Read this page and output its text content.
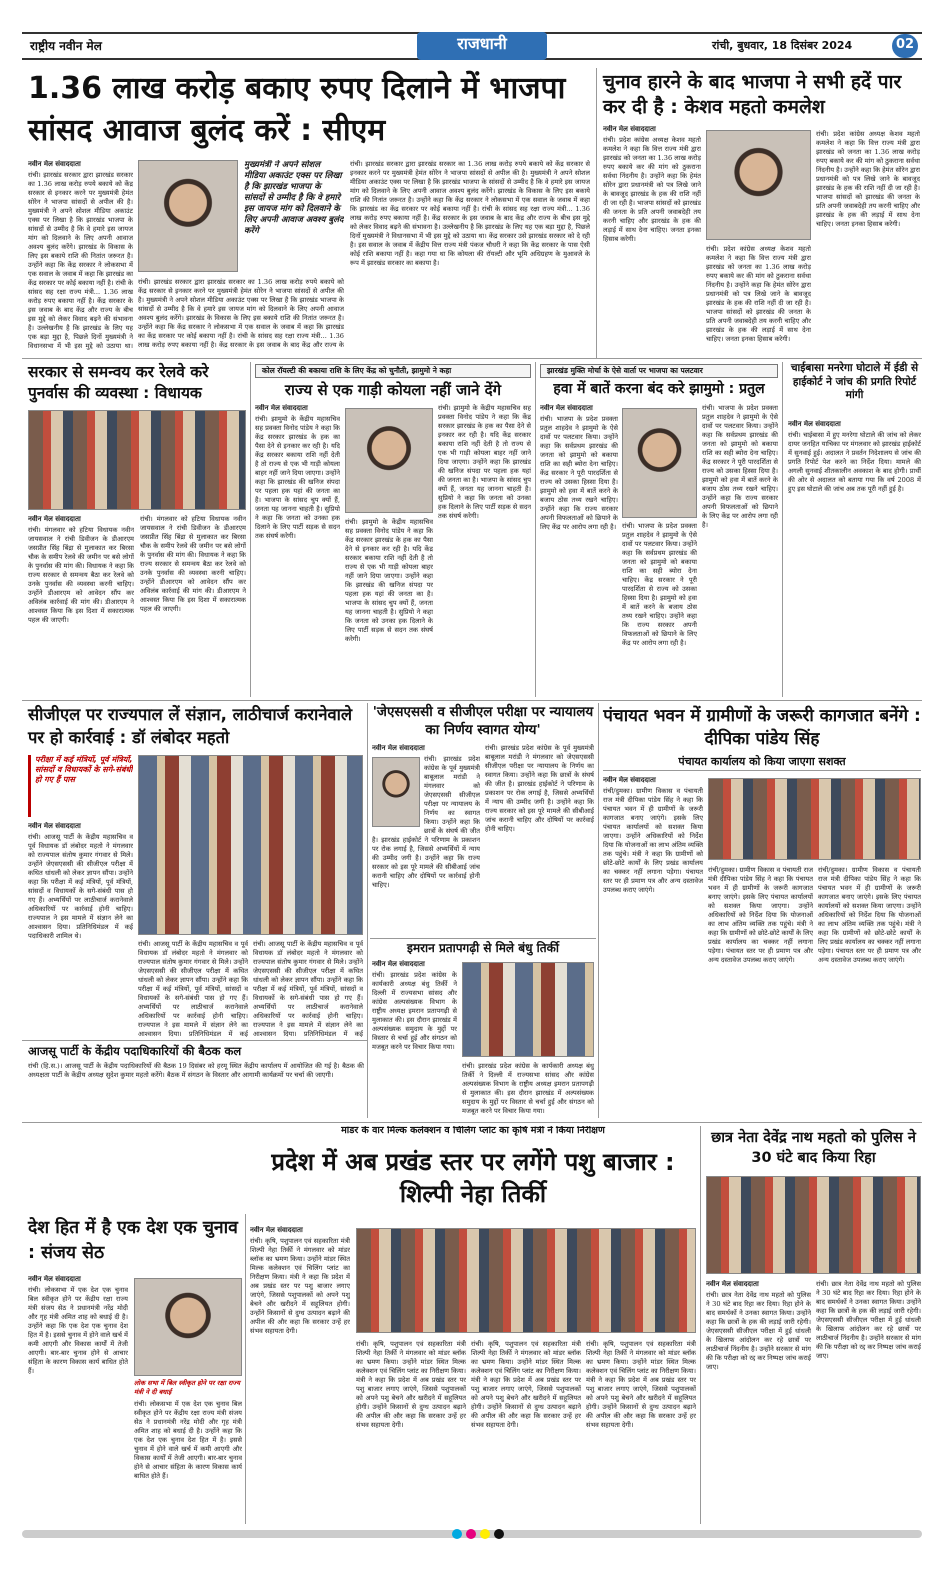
राष्ट्रीय नवीन मेल	राजधानी	रांची, बुधवार, 18 दिसंबर 2024	02
1.36 लाख करोड़ बकाए रुपए दिलाने में भाजपा सांसद आवाज बुलंद करें : सीएम
नवीन मेल संवाददाता
रांची। झारखंड सरकार द्वारा झारखंड सरकार का 1.36 लाख करोड़ रुपये बकाये को केंद्र सरकार से इनकार करने पर मुख्यमंत्री हेमंत सोरेन ने भाजपा सांसदों से अपील की है। मुख्यमंत्री ने अपने सोशल मीडिया अकाउंट एक्स पर लिखा है कि झारखंड भाजपा के सांसदों से उम्मीद है कि वे हमारे इस जायज मांग को दिलवाने के लिए अपनी आवाज अवश्य बुलंद करेंगे। झारखंड के विकास के लिए इस बकाये राशि की नितांत जरूरत है। उन्होंने कहा कि केंद्र सरकार ने लोकसभा में एक सवाल के जवाब में कहा कि झारखंड का केंद्र सरकार पर कोई बकाया नहीं है। रांची के सांसद सह रक्षा राज्य मंत्री... 1.36 लाख करोड़ रुपए बकाया नहीं है। केंद्र सरकार के इस जवाब के बाद केंद्र और राज्य के बीच इस मुद्दे को लेकर विवाद बढ़ने की संभावना है। उल्लेखनीय है कि झारखंड के लिए यह एक बड़ा मुद्दा है, पिछले दिनों मुख्यमंत्री ने विधानसभा में भी इस मुद्दे को उठाया था।
मुख्यमंत्री ने अपने सोशल मीडिया अकाउंट एक्स पर लिखा है कि झारखंड भाजपा के सांसदों से उम्मीद है कि वे हमारे इस जायज मांग को दिलवाने के लिए अपनी आवाज अवश्य बुलंद करेंगे
रांची। झारखंड सरकार द्वारा झारखंड सरकार का 1.36 लाख करोड़ रुपये बकाये को केंद्र सरकार से इनकार करने पर मुख्यमंत्री हेमंत सोरेन ने भाजपा सांसदों से अपील की है। मुख्यमंत्री ने अपने सोशल मीडिया अकाउंट एक्स पर लिखा है कि झारखंड भाजपा के सांसदों से उम्मीद है कि वे हमारे इस जायज मांग को दिलवाने के लिए अपनी आवाज अवश्य बुलंद करेंगे। झारखंड के विकास के लिए इस बकाये राशि की नितांत जरूरत है। उन्होंने कहा कि केंद्र सरकार ने लोकसभा में एक सवाल के जवाब में कहा कि झारखंड का केंद्र सरकार पर कोई बकाया नहीं है। रांची के सांसद सह रक्षा राज्य मंत्री... 1.36 लाख करोड़ रुपए बकाया नहीं है। केंद्र सरकार के इस जवाब के बाद केंद्र और राज्य के
रांची। झारखंड सरकार द्वारा झारखंड सरकार का 1.36 लाख करोड़ रुपये बकाये को केंद्र सरकार से इनकार करने पर मुख्यमंत्री हेमंत सोरेन ने भाजपा सांसदों से अपील की है। मुख्यमंत्री ने अपने सोशल मीडिया अकाउंट एक्स पर लिखा है कि झारखंड भाजपा के सांसदों से उम्मीद है कि वे हमारे इस जायज मांग को दिलवाने के लिए अपनी आवाज अवश्य बुलंद करेंगे। झारखंड के विकास के लिए इस बकाये राशि की नितांत जरूरत है। उन्होंने कहा कि केंद्र सरकार ने लोकसभा में एक सवाल के जवाब में कहा कि झारखंड का केंद्र सरकार पर कोई बकाया नहीं है। रांची के सांसद सह रक्षा राज्य मंत्री... 1.36 लाख करोड़ रुपए बकाया नहीं है। केंद्र सरकार के इस जवाब के बाद केंद्र और राज्य के बीच इस मुद्दे को लेकर विवाद बढ़ने की संभावना है। उल्लेखनीय है कि झारखंड के लिए यह एक बड़ा मुद्दा है, पिछले दिनों मुख्यमंत्री ने विधानसभा में भी इस मुद्दे को उठाया था। केंद्र सरकार उसे झारखंड सरकार को दे रही है। इस सवाल के जवाब में केंद्रीय वित्त राज्य मंत्री पंकज चौधरी ने कहा कि केंद्र सरकार के पास ऐसी कोई राशि बकाया नहीं है। कहा गया था कि कोयला की रॉयल्टी और भूमि अधिग्रहण के मुआवजे के रूप में झारखंड सरकार का बकाया है।
चुनाव हारने के बाद भाजपा ने सभी हदें पार कर दी है : केशव महतो कमलेश
नवीन मेल संवाददाता
रांची। प्रदेश कांग्रेस अध्यक्ष केशव महतो कमलेश ने कहा कि वित्त राज्य मंत्री द्वारा झारखंड को जनता का 1.36 लाख करोड़ रुपए बकाये कर की मांग को ठुकराना सर्वथा निंदनीय है। उन्होंने कहा कि हेमंत सोरेन द्वारा प्रधानमंत्री को पत्र लिखे जाने के बावजूद झारखंड के हक की राशि नहीं दी जा रही है। भाजपा सांसदों को झारखंड की जनता के प्रति अपनी जवाबदेही तय करनी चाहिए और झारखंड के हक की लड़ाई में साथ देना चाहिए। जनता इनका हिसाब करेगी।
रांची। प्रदेश कांग्रेस अध्यक्ष केशव महतो कमलेश ने कहा कि वित्त राज्य मंत्री द्वारा झारखंड को जनता का 1.36 लाख करोड़ रुपए बकाये कर की मांग को ठुकराना सर्वथा निंदनीय है। उन्होंने कहा कि हेमंत सोरेन द्वारा प्रधानमंत्री को पत्र लिखे जाने के बावजूद झारखंड के हक की राशि नहीं दी जा रही है। भाजपा सांसदों को झारखंड की जनता के प्रति अपनी जवाबदेही तय करनी चाहिए और झारखंड के हक की लड़ाई में साथ देना चाहिए। जनता इनका हिसाब करेगी।
रांची। प्रदेश कांग्रेस अध्यक्ष केशव महतो कमलेश ने कहा कि वित्त राज्य मंत्री द्वारा झारखंड को जनता का 1.36 लाख करोड़ रुपए बकाये कर की मांग को ठुकराना सर्वथा निंदनीय है। उन्होंने कहा कि हेमंत सोरेन द्वारा प्रधानमंत्री को पत्र लिखे जाने के बावजूद झारखंड के हक की राशि नहीं दी जा रही है। भाजपा सांसदों को झारखंड की जनता के प्रति अपनी जवाबदेही तय करनी चाहिए और झारखंड के हक की लड़ाई में साथ देना चाहिए। जनता इनका हिसाब करेगी।
सरकार से समन्वय कर रेलवे करे पुनर्वास की व्यवस्था : विधायक
नवीन मेल संवाददाता
रांची। मंगलवार को हटिया विधायक नवीन जायसवाल ने रांची डिवीजन के डीआरएम जसप्रीत सिंह बिंद्रा से मुलाकात कर बिरसा चौक के समीप रेलवे की जमीन पर बसे लोगों के पुनर्वास की मांग की। विधायक ने कहा कि राज्य सरकार से समन्वय बैठा कर रेलवे को उनके पुनर्वास की व्यवस्था करनी चाहिए। उन्होंने डीआरएम को आवेदन सौंप कर अविलंब कार्रवाई की मांग की। डीआरएम ने आश्वस्त किया कि इस दिशा में सकारात्मक पहल की जाएगी।
रांची। मंगलवार को हटिया विधायक नवीन जायसवाल ने रांची डिवीजन के डीआरएम जसप्रीत सिंह बिंद्रा से मुलाकात कर बिरसा चौक के समीप रेलवे की जमीन पर बसे लोगों के पुनर्वास की मांग की। विधायक ने कहा कि राज्य सरकार से समन्वय बैठा कर रेलवे को उनके पुनर्वास की व्यवस्था करनी चाहिए। उन्होंने डीआरएम को आवेदन सौंप कर अविलंब कार्रवाई की मांग की। डीआरएम ने आश्वस्त किया कि इस दिशा में सकारात्मक पहल की जाएगी।
कोल रॉयल्टी की बकाया राशि के लिए केंद्र को चुनौती, झामुमो ने कहा
राज्य से एक गाड़ी कोयला नहीं जाने देंगे
नवीन मेल संवाददाता
रांची। झामुमो के केंद्रीय महासचिव सह प्रवक्ता विनोद पांडेय ने कहा कि केंद्र सरकार झारखंड के हक का पैसा देने से इनकार कर रही है। यदि केंद्र सरकार बकाया राशि नहीं देती है तो राज्य से एक भी गाड़ी कोयला बाहर नहीं जाने दिया जाएगा। उन्होंने कहा कि झारखंड की खनिज संपदा पर पहला हक यहां की जनता का है। भाजपा के सांसद चुप क्यों हैं, जनता यह जानना चाहती है। सुप्रियो ने कहा कि जनता को उनका हक दिलाने के लिए पार्टी सड़क से सदन तक संघर्ष करेगी।
रांची। झामुमो के केंद्रीय महासचिव सह प्रवक्ता विनोद पांडेय ने कहा कि केंद्र सरकार झारखंड के हक का पैसा देने से इनकार कर रही है। यदि केंद्र सरकार बकाया राशि नहीं देती है तो राज्य से एक भी गाड़ी कोयला बाहर नहीं जाने दिया जाएगा। उन्होंने कहा कि झारखंड की खनिज संपदा पर पहला हक यहां की जनता का है। भाजपा के सांसद चुप क्यों हैं, जनता यह जानना चाहती है। सुप्रियो ने कहा कि जनता को उनका हक दिलाने के लिए पार्टी सड़क से सदन तक संघर्ष करेगी।
रांची। झामुमो के केंद्रीय महासचिव सह प्रवक्ता विनोद पांडेय ने कहा कि केंद्र सरकार झारखंड के हक का पैसा देने से इनकार कर रही है। यदि केंद्र सरकार बकाया राशि नहीं देती है तो राज्य से एक भी गाड़ी कोयला बाहर नहीं जाने दिया जाएगा। उन्होंने कहा कि झारखंड की खनिज संपदा पर पहला हक यहां की जनता का है। भाजपा के सांसद चुप क्यों हैं, जनता यह जानना चाहती है। सुप्रियो ने कहा कि जनता को उनका हक दिलाने के लिए पार्टी सड़क से सदन तक संघर्ष करेगी।
झारखंड मुक्ति मोर्चा के ऐसे वार्ता पर भाजपा का पलटवार
हवा में बातें करना बंद करे झामुमो : प्रतुल
नवीन मेल संवाददाता
रांची। भाजपा के प्रदेश प्रवक्ता प्रतुल शाहदेव ने झामुमो के ऐसे दावों पर पलटवार किया। उन्होंने कहा कि सर्वप्रथम झारखंड की जनता को झामुमो को बकाया राशि का सही ब्योरा देना चाहिए। केंद्र सरकार ने पूरी पारदर्शिता से राज्य को उसका हिस्सा दिया है। झामुमो को हवा में बातें करने के बजाय ठोस तथ्य रखने चाहिए। उन्होंने कहा कि राज्य सरकार अपनी विफलताओं को छिपाने के लिए केंद्र पर आरोप लगा रही है। रांची। भाजपा के प्रदेश प्रवक्ता प्रतुल शाहदेव ने झामुमो के ऐसे दावों पर पलटवार किया। उन्होंने कहा कि सर्वप्रथम झारखंड की जनता को झामुमो को बकाया राशि का सही ब्योरा देना चाहिए। केंद्र सरकार ने पूरी पारदर्शिता से राज्य को उसका हिस्सा दिया है। झामुमो को हवा में बातें करने के बजाय ठोस तथ्य रखने चाहिए। उन्होंने कहा कि राज्य सरकार अपनी विफलताओं को छिपाने के लिए केंद्र पर आरोप लगा रही है।
रांची। भाजपा के प्रदेश प्रवक्ता प्रतुल शाहदेव ने झामुमो के ऐसे दावों पर पलटवार किया। उन्होंने कहा कि सर्वप्रथम झारखंड की जनता को झामुमो को बकाया राशि का सही ब्योरा देना चाहिए। केंद्र सरकार ने पूरी पारदर्शिता से राज्य को उसका हिस्सा दिया है। झामुमो को हवा में बातें करने के बजाय ठोस तथ्य रखने चाहिए। उन्होंने कहा कि राज्य सरकार अपनी विफलताओं को छिपाने के लिए केंद्र पर आरोप लगा रही है।
चाईबासा मनरेगा घोटाले में ईडी से हाईकोर्ट ने जांच की प्रगति रिपोर्ट मांगी
नवीन मेल संवाददाता
रांची। चाईबासा में हुए मनरेगा घोटाले की जांच को लेकर दायर जनहित याचिका पर मंगलवार को झारखंड हाईकोर्ट में सुनवाई हुई। अदालत ने प्रवर्तन निदेशालय से जांच की प्रगति रिपोर्ट पेश करने का निर्देश दिया। मामले की अगली सुनवाई शीतकालीन अवकाश के बाद होगी। प्रार्थी की ओर से अदालत को बताया गया कि वर्ष 2008 में हुए इस घोटाले की जांच अब तक पूरी नहीं हुई है।
सीजीएल पर राज्यपाल लें संज्ञान, लाठीचार्ज करानेवाले पर हो कार्रवाई : डॉ लंबोदर महतो
परीक्षा में कई मंत्रियों, पूर्व मंत्रियों, सांसदों व विधायकों के सगे-संबंधी हो गए हैं पास
नवीन मेल संवाददाता
रांची। आजसू पार्टी के केंद्रीय महासचिव व पूर्व विधायक डॉ लंबोदर महतो ने मंगलवार को राज्यपाल संतोष कुमार गंगवार से मिले। उन्होंने जेएसएससी की सीजीएल परीक्षा में कथित धांधली को लेकर ज्ञापन सौंपा। उन्होंने कहा कि परीक्षा में कई मंत्रियों, पूर्व मंत्रियों, सांसदों व विधायकों के सगे-संबंधी पास हो गए हैं। अभ्यर्थियों पर लाठीचार्ज करानेवाले अधिकारियों पर कार्रवाई होनी चाहिए। राज्यपाल ने इस मामले में संज्ञान लेने का आश्वासन दिया। प्रतिनिधिमंडल में कई पदाधिकारी शामिल थे।
रांची। आजसू पार्टी के केंद्रीय महासचिव व पूर्व विधायक डॉ लंबोदर महतो ने मंगलवार को राज्यपाल संतोष कुमार गंगवार से मिले। उन्होंने जेएसएससी की सीजीएल परीक्षा में कथित धांधली को लेकर ज्ञापन सौंपा। उन्होंने कहा कि परीक्षा में कई मंत्रियों, पूर्व मंत्रियों, सांसदों व विधायकों के सगे-संबंधी पास हो गए हैं। अभ्यर्थियों पर लाठीचार्ज करानेवाले अधिकारियों पर कार्रवाई होनी चाहिए। राज्यपाल ने इस मामले में संज्ञान लेने का आश्वासन दिया। प्रतिनिधिमंडल में कई
रांची। आजसू पार्टी के केंद्रीय महासचिव व पूर्व विधायक डॉ लंबोदर महतो ने मंगलवार को राज्यपाल संतोष कुमार गंगवार से मिले। उन्होंने जेएसएससी की सीजीएल परीक्षा में कथित धांधली को लेकर ज्ञापन सौंपा। उन्होंने कहा कि परीक्षा में कई मंत्रियों, पूर्व मंत्रियों, सांसदों व विधायकों के सगे-संबंधी पास हो गए हैं। अभ्यर्थियों पर लाठीचार्ज करानेवाले अधिकारियों पर कार्रवाई होनी चाहिए। राज्यपाल ने इस मामले में संज्ञान लेने का आश्वासन दिया। प्रतिनिधिमंडल में कई
आजसू पार्टी के केंद्रीय पदाधिकारियों की बैठक कल
रांची (हि.स.)। आजसू पार्टी के केंद्रीय पदाधिकारियों की बैठक 19 दिसंबर को हरमू स्थित केंद्रीय कार्यालय में आयोजित की गई है। बैठक की अध्यक्षता पार्टी के केंद्रीय अध्यक्ष सुदेश कुमार महतो करेंगे। बैठक में संगठन के विस्तार और आगामी कार्यक्रमों पर चर्चा की जाएगी।
'जेएसएससी व सीजीएल परीक्षा पर न्यायालय का निर्णय स्वागत योग्य'
नवीन मेल संवाददाता
रांची। झारखंड प्रदेश कांग्रेस के पूर्व मुख्यमंत्री बाबूलाल मरांडी ने मंगलवार को जेएसएससी सीजीएल परीक्षा पर न्यायालय के निर्णय का स्वागत किया। उन्होंने कहा कि छात्रों के संघर्ष की जीत है। झारखंड हाईकोर्ट ने परिणाम के प्रकाशन पर रोक लगाई है, जिससे अभ्यर्थियों में न्याय की उम्मीद जगी है। उन्होंने कहा कि राज्य सरकार को इस पूरे मामले की सीबीआई जांच करानी चाहिए और दोषियों पर कार्रवाई होनी चाहिए।
रांची। झारखंड प्रदेश कांग्रेस के पूर्व मुख्यमंत्री बाबूलाल मरांडी ने मंगलवार को जेएसएससी सीजीएल परीक्षा पर न्यायालय के निर्णय का स्वागत किया। उन्होंने कहा कि छात्रों के संघर्ष की जीत है। झारखंड हाईकोर्ट ने परिणाम के प्रकाशन पर रोक लगाई है, जिससे अभ्यर्थियों में न्याय की उम्मीद जगी है। उन्होंने कहा कि राज्य सरकार को इस पूरे मामले की सीबीआई जांच करानी चाहिए और दोषियों पर कार्रवाई होनी चाहिए।
इमरान प्रतापगढ़ी से मिले बंधु तिर्की
नवीन मेल संवाददाता
रांची। झारखंड प्रदेश कांग्रेस के कार्यकारी अध्यक्ष बंधु तिर्की ने दिल्ली में राज्यसभा सांसद और कांग्रेस अल्पसंख्यक विभाग के राष्ट्रीय अध्यक्ष इमरान प्रतापगढ़ी से मुलाकात की। इस दौरान झारखंड में अल्पसंख्यक समुदाय के मुद्दों पर विस्तार से चर्चा हुई और संगठन को मजबूत करने पर विचार किया गया।
रांची। झारखंड प्रदेश कांग्रेस के कार्यकारी अध्यक्ष बंधु तिर्की ने दिल्ली में राज्यसभा सांसद और कांग्रेस अल्पसंख्यक विभाग के राष्ट्रीय अध्यक्ष इमरान प्रतापगढ़ी से मुलाकात की। इस दौरान झारखंड में अल्पसंख्यक समुदाय के मुद्दों पर विस्तार से चर्चा हुई और संगठन को मजबूत करने पर विचार किया गया।
पंचायत भवन में ग्रामीणों के जरूरी कागजात बनेंगे : दीपिका पांडेय सिंह
पंचायत कार्यालय को किया जाएगा सशक्त
नवीन मेल संवाददाता
रांची/दुमका। ग्रामीण विकास व पंचायती राज मंत्री दीपिका पांडेय सिंह ने कहा कि पंचायत भवन में ही ग्रामीणों के जरूरी कागजात बनाए जाएंगे। इसके लिए पंचायत कार्यालयों को सशक्त किया जाएगा। उन्होंने अधिकारियों को निर्देश दिया कि योजनाओं का लाभ अंतिम व्यक्ति तक पहुंचे। मंत्री ने कहा कि ग्रामीणों को छोटे-छोटे कार्यों के लिए प्रखंड कार्यालय का चक्कर नहीं लगाना पड़ेगा। पंचायत स्तर पर ही प्रमाण पत्र और अन्य दस्तावेज उपलब्ध कराए जाएंगे।
रांची/दुमका। ग्रामीण विकास व पंचायती राज मंत्री दीपिका पांडेय सिंह ने कहा कि पंचायत भवन में ही ग्रामीणों के जरूरी कागजात बनाए जाएंगे। इसके लिए पंचायत कार्यालयों को सशक्त किया जाएगा। उन्होंने अधिकारियों को निर्देश दिया कि योजनाओं का लाभ अंतिम व्यक्ति तक पहुंचे। मंत्री ने कहा कि ग्रामीणों को छोटे-छोटे कार्यों के लिए प्रखंड कार्यालय का चक्कर नहीं लगाना पड़ेगा। पंचायत स्तर पर ही प्रमाण पत्र और अन्य दस्तावेज उपलब्ध कराए जाएंगे।
रांची/दुमका। ग्रामीण विकास व पंचायती राज मंत्री दीपिका पांडेय सिंह ने कहा कि पंचायत भवन में ही ग्रामीणों के जरूरी कागजात बनाए जाएंगे। इसके लिए पंचायत कार्यालयों को सशक्त किया जाएगा। उन्होंने अधिकारियों को निर्देश दिया कि योजनाओं का लाभ अंतिम व्यक्ति तक पहुंचे। मंत्री ने कहा कि ग्रामीणों को छोटे-छोटे कार्यों के लिए प्रखंड कार्यालय का चक्कर नहीं लगाना पड़ेगा। पंचायत स्तर पर ही प्रमाण पत्र और अन्य दस्तावेज उपलब्ध कराए जाएंगे।
मांडर के वार मिल्क कलेक्शन व चिलिंग प्लांट का कृषि मंत्री ने किया निरीक्षण
प्रदेश में अब प्रखंड स्तर पर लगेंगे पशु बाजार : शिल्पी नेहा तिर्की
नवीन मेल संवाददाता
रांची। कृषि, पशुपालन एवं सहकारिता मंत्री शिल्पी नेहा तिर्की ने मंगलवार को मांडर ब्लॉक का भ्रमण किया। उन्होंने मांडर स्थित मिल्क कलेक्शन एवं चिलिंग प्लांट का निरीक्षण किया। मंत्री ने कहा कि प्रदेश में अब प्रखंड स्तर पर पशु बाजार लगाए जाएंगे, जिससे पशुपालकों को अपने पशु बेचने और खरीदने में सहूलियत होगी। उन्होंने किसानों से दुग्ध उत्पादन बढ़ाने की अपील की और कहा कि सरकार उन्हें हर संभव सहायता देगी।
रांची। कृषि, पशुपालन एवं सहकारिता मंत्री शिल्पी नेहा तिर्की ने मंगलवार को मांडर ब्लॉक का भ्रमण किया। उन्होंने मांडर स्थित मिल्क कलेक्शन एवं चिलिंग प्लांट का निरीक्षण किया। मंत्री ने कहा कि प्रदेश में अब प्रखंड स्तर पर पशु बाजार लगाए जाएंगे, जिससे पशुपालकों को अपने पशु बेचने और खरीदने में सहूलियत होगी। उन्होंने किसानों से दुग्ध उत्पादन बढ़ाने की अपील की और कहा कि सरकार उन्हें हर संभव सहायता देगी।
रांची। कृषि, पशुपालन एवं सहकारिता मंत्री शिल्पी नेहा तिर्की ने मंगलवार को मांडर ब्लॉक का भ्रमण किया। उन्होंने मांडर स्थित मिल्क कलेक्शन एवं चिलिंग प्लांट का निरीक्षण किया। मंत्री ने कहा कि प्रदेश में अब प्रखंड स्तर पर पशु बाजार लगाए जाएंगे, जिससे पशुपालकों को अपने पशु बेचने और खरीदने में सहूलियत होगी। उन्होंने किसानों से दुग्ध उत्पादन बढ़ाने की अपील की और कहा कि सरकार उन्हें हर संभव सहायता देगी।
रांची। कृषि, पशुपालन एवं सहकारिता मंत्री शिल्पी नेहा तिर्की ने मंगलवार को मांडर ब्लॉक का भ्रमण किया। उन्होंने मांडर स्थित मिल्क कलेक्शन एवं चिलिंग प्लांट का निरीक्षण किया। मंत्री ने कहा कि प्रदेश में अब प्रखंड स्तर पर पशु बाजार लगाए जाएंगे, जिससे पशुपालकों को अपने पशु बेचने और खरीदने में सहूलियत होगी। उन्होंने किसानों से दुग्ध उत्पादन बढ़ाने की अपील की और कहा कि सरकार उन्हें हर संभव सहायता देगी।
देश हित में है एक देश एक चुनाव : संजय सेठ
नवीन मेल संवाददाता
रांची। लोकसभा में एक देश एक चुनाव बिल स्वीकृत होने पर केंद्रीय रक्षा राज्य मंत्री संजय सेठ ने प्रधानमंत्री नरेंद्र मोदी और गृह मंत्री अमित शाह को बधाई दी है। उन्होंने कहा कि एक देश एक चुनाव देश हित में है। इससे चुनाव में होने वाले खर्च में कमी आएगी और विकास कार्यों में तेजी आएगी। बार-बार चुनाव होने से आचार संहिता के कारण विकास कार्य बाधित होते हैं।
लोक सभा में बिल स्वीकृत होने पर रक्षा राज्य मंत्री ने दी बधाई
रांची। लोकसभा में एक देश एक चुनाव बिल स्वीकृत होने पर केंद्रीय रक्षा राज्य मंत्री संजय सेठ ने प्रधानमंत्री नरेंद्र मोदी और गृह मंत्री अमित शाह को बधाई दी है। उन्होंने कहा कि एक देश एक चुनाव देश हित में है। इससे चुनाव में होने वाले खर्च में कमी आएगी और विकास कार्यों में तेजी आएगी। बार-बार चुनाव होने से आचार संहिता के कारण विकास कार्य बाधित होते हैं।
छात्र नेता देवेंद्र नाथ महतो को पुलिस ने 30 घंटे बाद किया रिहा
नवीन मेल संवाददाता
रांची। छात्र नेता देवेंद्र नाथ महतो को पुलिस ने 30 घंटे बाद रिहा कर दिया। रिहा होने के बाद समर्थकों ने उनका स्वागत किया। उन्होंने कहा कि छात्रों के हक की लड़ाई जारी रहेगी। जेएसएससी सीजीएल परीक्षा में हुई धांधली के खिलाफ आंदोलन कर रहे छात्रों पर लाठीचार्ज निंदनीय है। उन्होंने सरकार से मांग की कि परीक्षा को रद्द कर निष्पक्ष जांच कराई जाए।
रांची। छात्र नेता देवेंद्र नाथ महतो को पुलिस ने 30 घंटे बाद रिहा कर दिया। रिहा होने के बाद समर्थकों ने उनका स्वागत किया। उन्होंने कहा कि छात्रों के हक की लड़ाई जारी रहेगी। जेएसएससी सीजीएल परीक्षा में हुई धांधली के खिलाफ आंदोलन कर रहे छात्रों पर लाठीचार्ज निंदनीय है। उन्होंने सरकार से मांग की कि परीक्षा को रद्द कर निष्पक्ष जांच कराई जाए।
